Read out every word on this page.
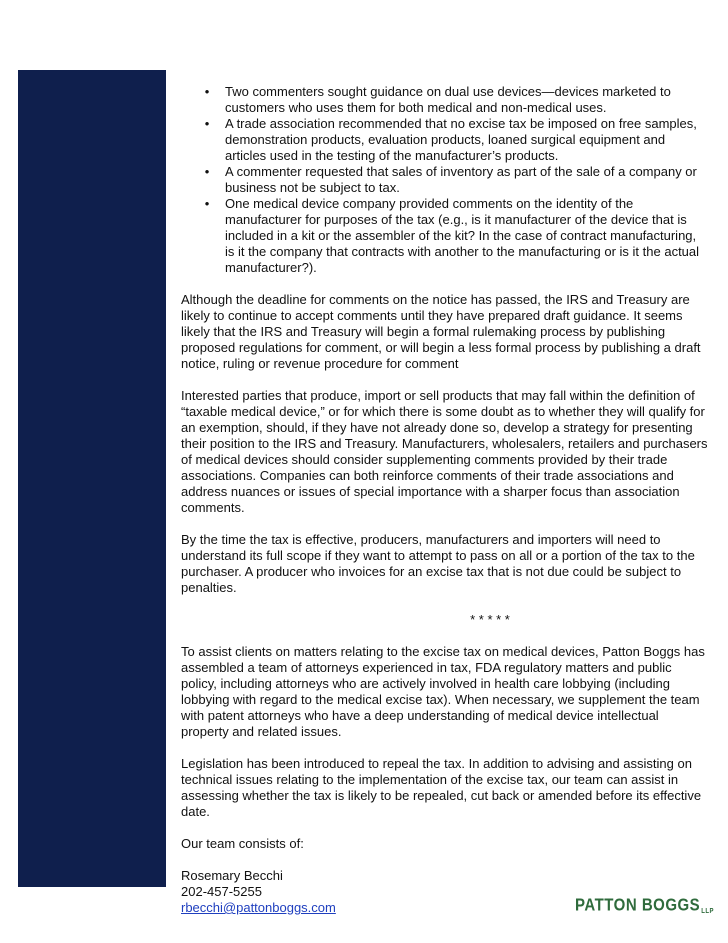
• Two commenters sought guidance on dual use devices—devices marketed to customers who uses them for both medical and non-medical uses.
• A trade association recommended that no excise tax be imposed on free samples, demonstration products, evaluation products, loaned surgical equipment and articles used in the testing of the manufacturer’s products.
• A commenter requested that sales of inventory as part of the sale of a company or business not be subject to tax.
• One medical device company provided comments on the identity of the manufacturer for purposes of the tax (e.g., is it manufacturer of the device that is included in a kit or the assembler of the kit? In the case of contract manufacturing, is it the company that contracts with another to the manufacturing or is it the actual manufacturer?).

Although the deadline for comments on the notice has passed, the IRS and Treasury are likely to continue to accept comments until they have prepared draft guidance. It seems likely that the IRS and Treasury will begin a formal rulemaking process by publishing proposed regulations for comment, or will begin a less formal process by publishing a draft notice, ruling or revenue procedure for comment

Interested parties that produce, import or sell products that may fall within the definition of “taxable medical device,” or for which there is some doubt as to whether they will qualify for an exemption, should, if they have not already done so, develop a strategy for presenting their position to the IRS and Treasury. Manufacturers, wholesalers, retailers and purchasers of medical devices should consider supplementing comments provided by their trade associations. Companies can both reinforce comments of their trade associations and address nuances or issues of special importance with a sharper focus than association comments.

By the time the tax is effective, producers, manufacturers and importers will need to understand its full scope if they want to attempt to pass on all or a portion of the tax to the purchaser. A producer who invoices for an excise tax that is not due could be subject to penalties.

* * * * *

To assist clients on matters relating to the excise tax on medical devices, Patton Boggs has assembled a team of attorneys experienced in tax, FDA regulatory matters and public policy, including attorneys who are actively involved in health care lobbying (including lobbying with regard to the medical excise tax). When necessary, we supplement the team with patent attorneys who have a deep understanding of medical device intellectual property and related issues.

Legislation has been introduced to repeal the tax. In addition to advising and assisting on technical issues relating to the implementation of the excise tax, our team can assist in assessing whether the tax is likely to be repealed, cut back or amended before its effective date.

Our team consists of:

Rosemary Becchi
202-457-5255
rbecchi@pattonboggs.com	PATTON BOGGSLLP
